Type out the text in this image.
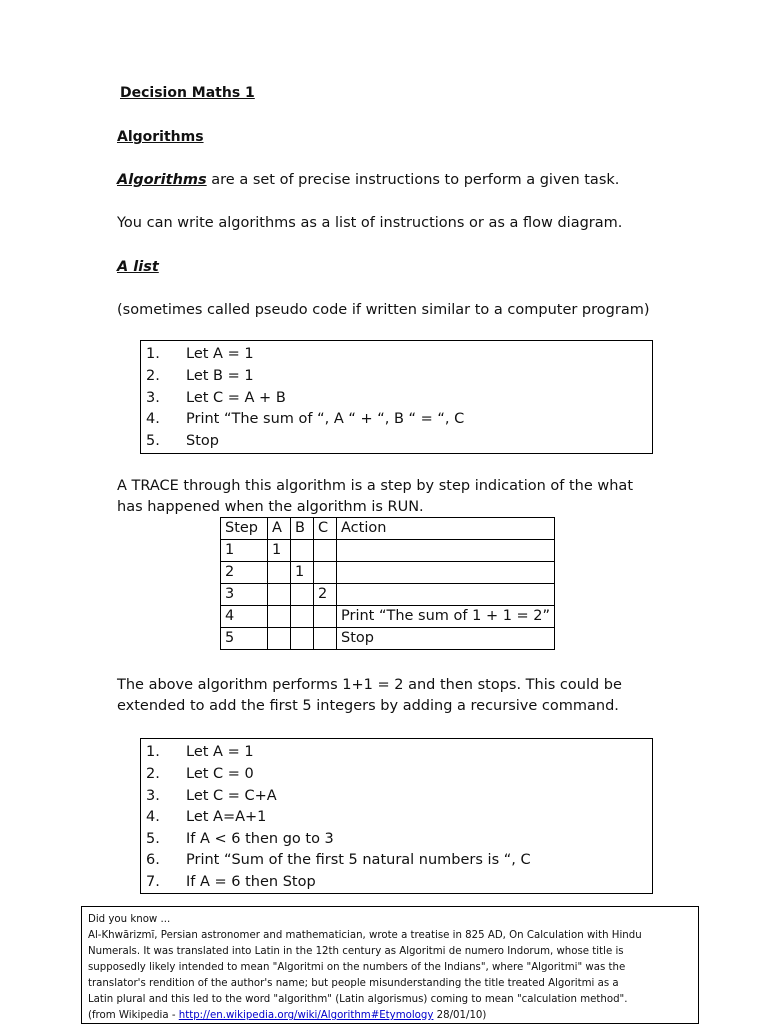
Decision Maths 1
Algorithms
Algorithms are a set of precise instructions to perform a given task.
You can write algorithms as a list of instructions or as a flow diagram.
A list
(sometimes called pseudo code if written similar to a computer program)
1. Let A = 1
2. Let B = 1
3. Let C = A + B
4. Print “The sum of “, A “ + “, B “ = “, C
5. Stop
A TRACE through this algorithm is a step by step indication of the what
has happened when the algorithm is RUN.
Step	A	B	C	Action
1	1			
2		1		
3			2	
4				Print “The sum of 1 + 1 = 2”
5				Stop
The above algorithm performs 1+1 = 2 and then stops. This could be
extended to add the first 5 integers by adding a recursive command.
1. Let A = 1
2. Let C = 0
3. Let C = C+A
4. Let A=A+1
5. If A < 6 then go to 3
6. Print “Sum of the first 5 natural numbers is “, C
7. If A = 6 then Stop
Did you know ...
Al-Khwārizmī, Persian astronomer and mathematician, wrote a treatise in 825 AD, On Calculation with Hindu
Numerals. It was translated into Latin in the 12th century as Algoritmi de numero Indorum, whose title is
supposedly likely intended to mean "Algoritmi on the numbers of the Indians", where "Algoritmi" was the
translator's rendition of the author's name; but people misunderstanding the title treated Algoritmi as a
Latin plural and this led to the word "algorithm" (Latin algorismus) coming to mean "calculation method".
(from Wikipedia - http://en.wikipedia.org/wiki/Algorithm#Etymology 28/01/10)
